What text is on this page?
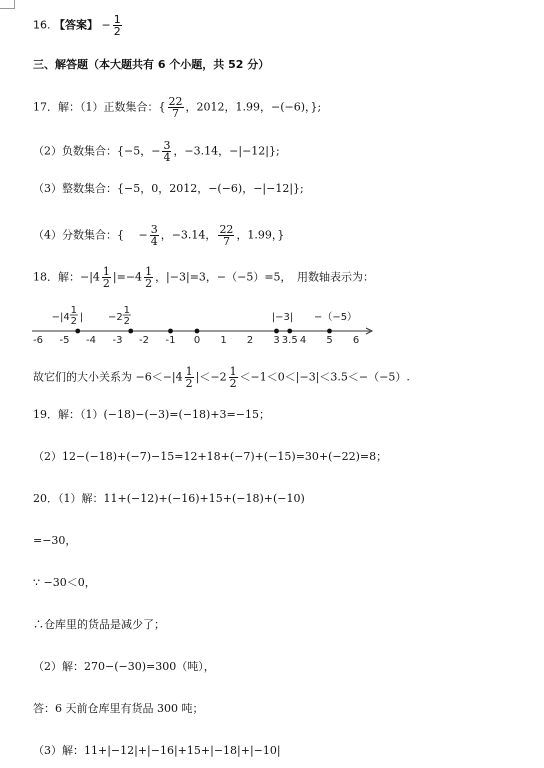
16. 【答案】 − $\frac{1}{2}$
三、解答题（本大题共有 6 个小题，共 52 分）
17．解：（1）正数集合：{ $\frac{22}{7}$ ，2012，1.99，−(−6)，};
（2）负数集合：{−5，− $\frac{3}{4}$ ，−3.14，−|−12|};
（3）整数集合：{−5，0，2012，−(−6)，−|−12|};
（4）分数集合：{　 − $\frac{3}{4}$ ，−3.14， $\frac{22}{7}$ ，1.99，}
18．解：$-|4 \frac{1}{2} |=-4 \frac{1}{2}$ ，|−3|=3，−（−5）=5，　用数轴表示为：
-6 -5 -4 -3 -2 -1 0 1 2 3 3.5 4 5 6
−|4
1
2 | −2
1
2	|−3| −（−5）
故它们的大小关系为 $-6<-|4 \frac{1}{2} |<-2 \frac{1}{2} <-1<0<|-3|<3.5<-(-5)$.
19．解：（1）(−18)−(−3)=(−18)+3=−15；
（2）12−(−18)+(−7)−15=12+18+(−7)+(−15)=30+(−22)=8；
20．（1）解：11+(−12)+(−16)+15+(−18)+(−10)
=−30，
∵ −30＜0，
∴仓库里的货品是减少了；
（2）解：270−(−30)=300（吨），
答：6 天前仓库里有货品 300 吨；
（3）解：11+|−12|+|−16|+15+|−18|+|−10|
